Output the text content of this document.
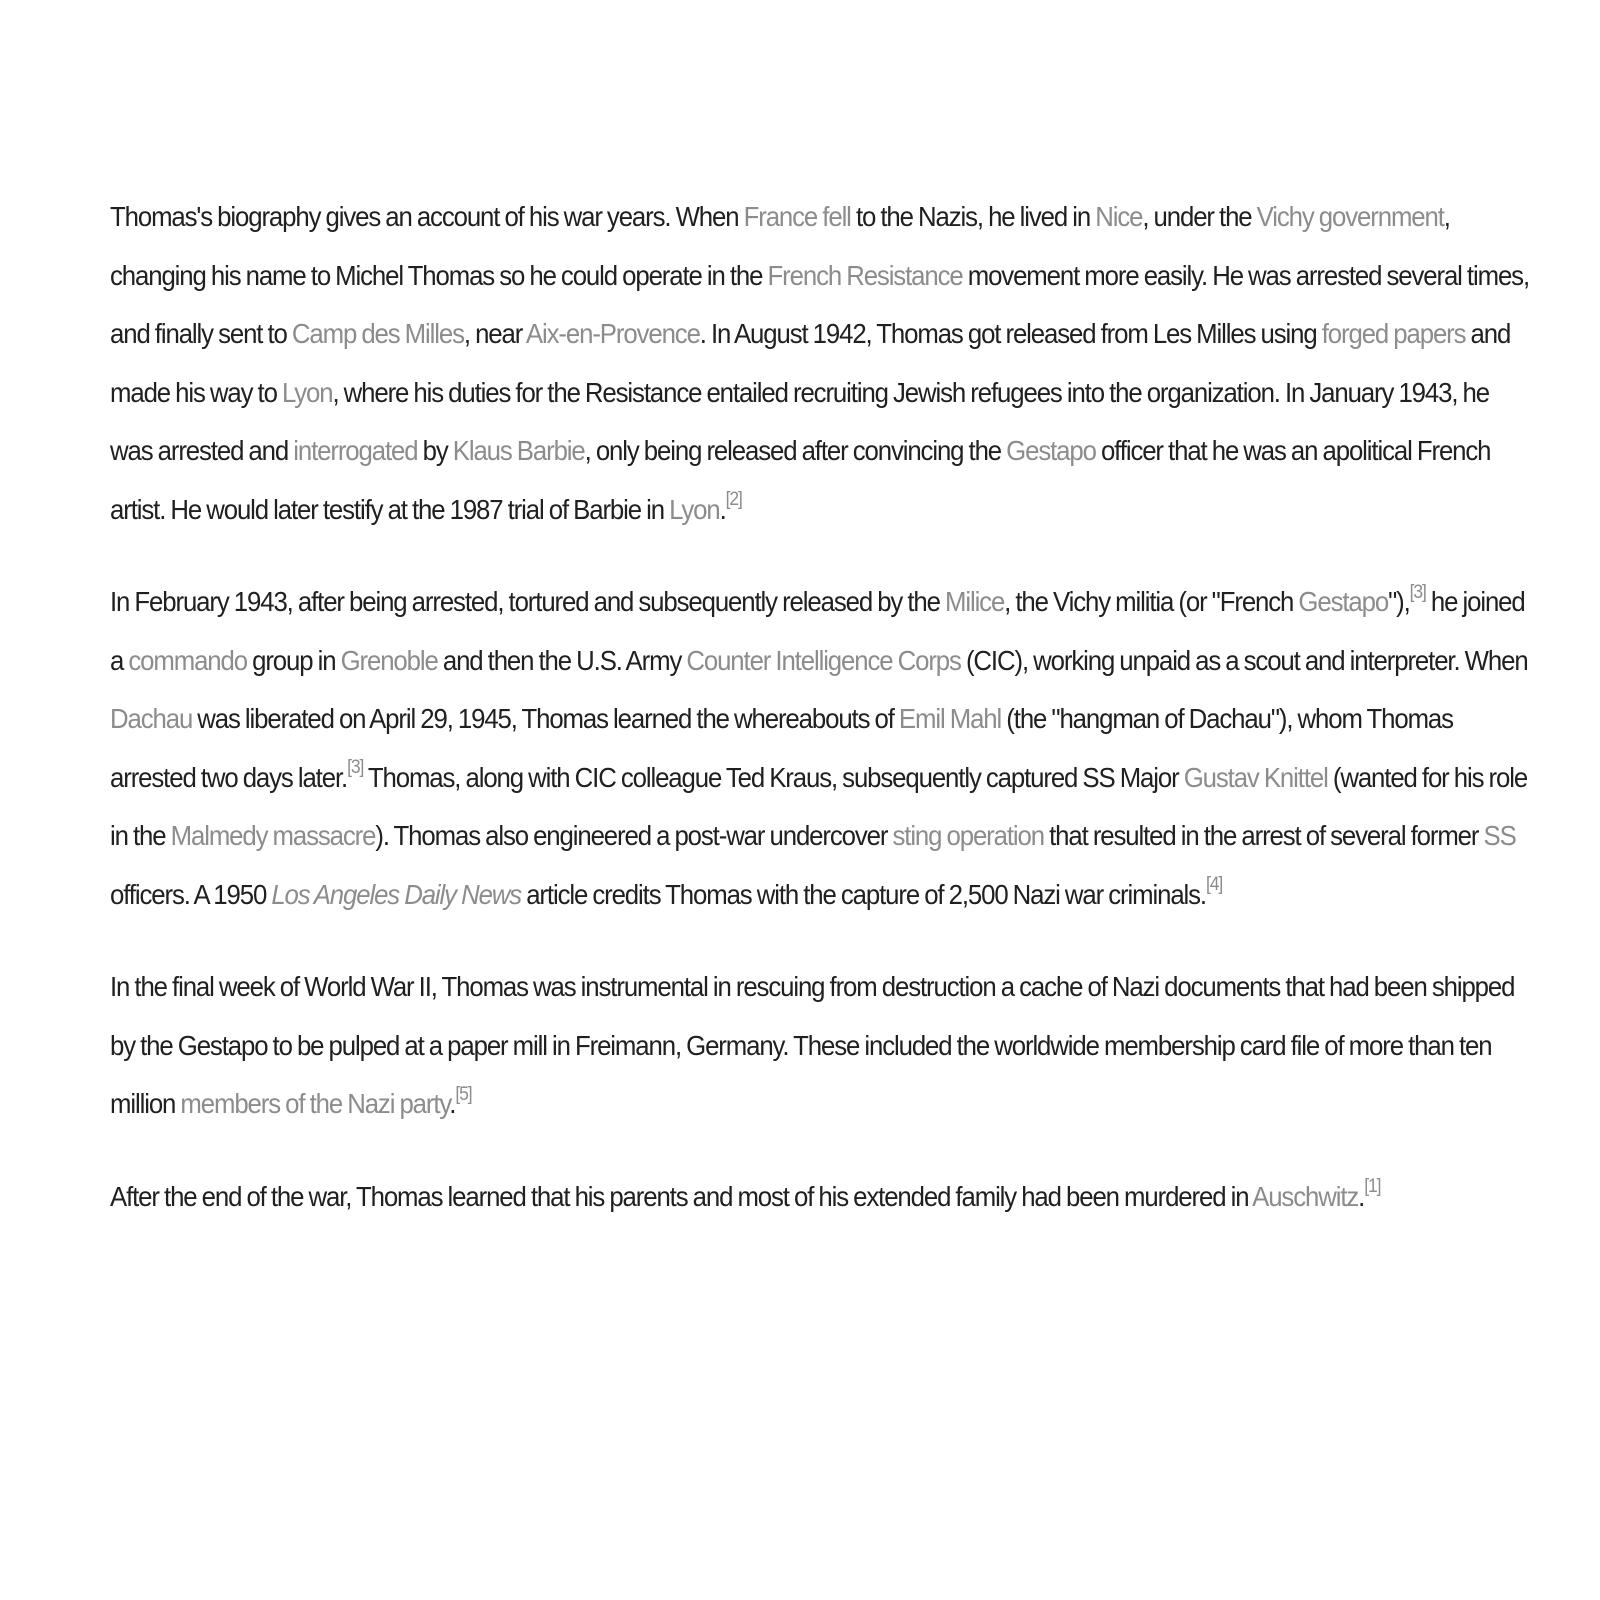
Thomas's biography gives an account of his war years. When France fell to the Nazis, he lived in Nice, under the Vichy government, changing his name to Michel Thomas so he could operate in the French Resistance movement more easily. He was arrested several times, and finally sent to Camp des Milles, near Aix-en-Provence. In August 1942, Thomas got released from Les Milles using forged papers and made his way to Lyon, where his duties for the Resistance entailed recruiting Jewish refugees into the organization. In January 1943, he was arrested and interrogated by Klaus Barbie, only being released after convincing the Gestapo officer that he was an apolitical French artist. He would later testify at the 1987 trial of Barbie in Lyon.[2]

In February 1943, after being arrested, tortured and subsequently released by the Milice, the Vichy militia (or "French Gestapo"),[3] he joined a commando group in Grenoble and then the U.S. Army Counter Intelligence Corps (CIC), working unpaid as a scout and interpreter. When Dachau was liberated on April 29, 1945, Thomas learned the whereabouts of Emil Mahl (the "hangman of Dachau"), whom Thomas arrested two days later.[3] Thomas, along with CIC colleague Ted Kraus, subsequently captured SS Major Gustav Knittel (wanted for his role in the Malmedy massacre). Thomas also engineered a post-war undercover sting operation that resulted in the arrest of several former SS officers. A 1950 Los Angeles Daily News article credits Thomas with the capture of 2,500 Nazi war criminals.[4]

In the final week of World War II, Thomas was instrumental in rescuing from destruction a cache of Nazi documents that had been shipped by the Gestapo to be pulped at a paper mill in Freimann, Germany. These included the worldwide membership card file of more than ten million members of the Nazi party.[5]

After the end of the war, Thomas learned that his parents and most of his extended family had been murdered in Auschwitz.[1]
